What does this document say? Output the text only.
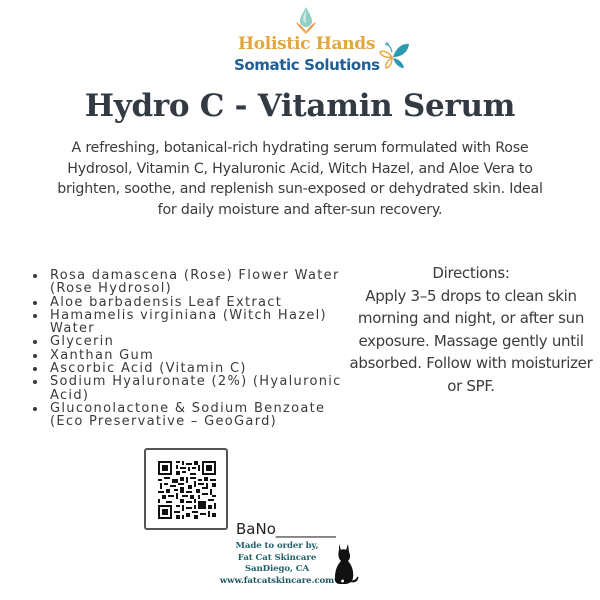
Holistic Hands
Somatic Solutions
Hydro C - Vitamin Serum

A refreshing, botanical-rich hydrating serum formulated with Rose Hydrosol, Vitamin C, Hyaluronic Acid, Witch Hazel, and Aloe Vera to brighten, soothe, and replenish sun-exposed or dehydrated skin. Ideal for daily moisture and after-sun recovery.

Rosa damascena (Rose) Flower Water (Rose Hydrosol)
Aloe barbadensis Leaf Extract
Hamamelis virginiana (Witch Hazel) Water
Glycerin
Xanthan Gum
Ascorbic Acid (Vitamin C)
Sodium Hyaluronate (2%) (Hyaluronic Acid)
Gluconolactone & Sodium Benzoate (Eco Preservative – GeoGard)
Directions:
Apply 3–5 drops to clean skin morning and night, or after sun exposure. Massage gently until absorbed. Follow with moisturizer or SPF.
BaNo________
Made to order by,
Fat Cat Skincare
SanDiego, CA
www.fatcatskincare.com
